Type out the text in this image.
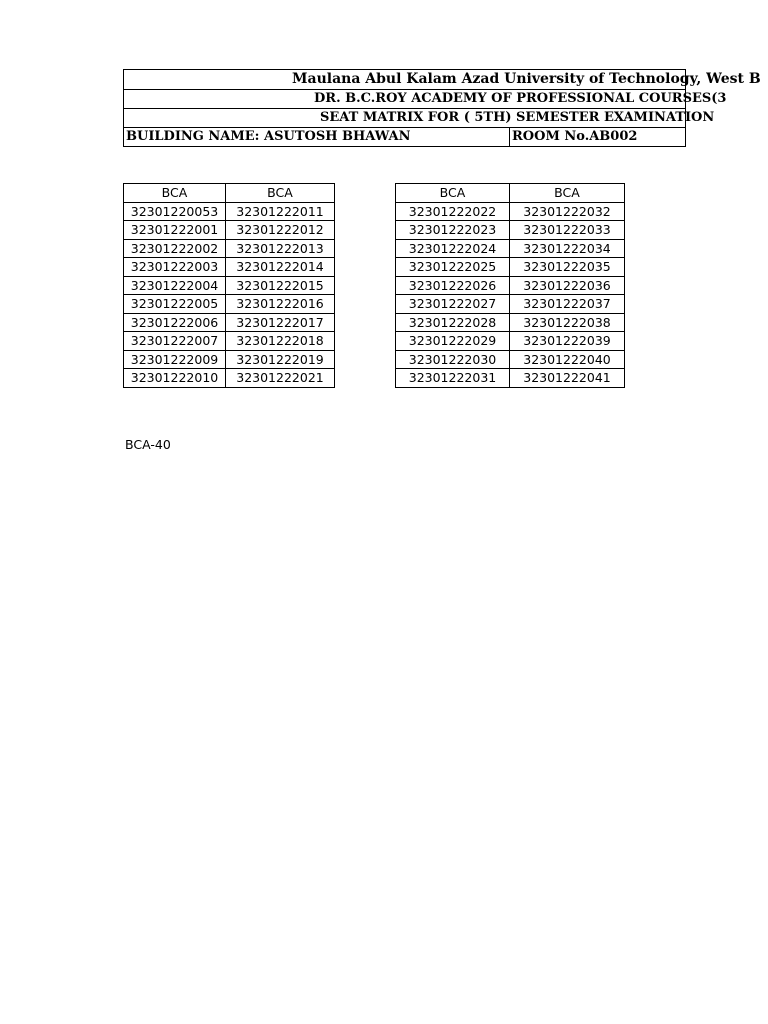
Maulana Abul Kalam Azad University of Technology, West B
DR. B.C.ROY ACADEMY OF PROFESSIONAL COURSES(3
SEAT MATRIX FOR ( 5TH) SEMESTER EXAMINATION
BUILDING NAME: ASUTOSH BHAWAN	ROOM No.AB002
BCA	BCA
32301220053	32301222011
32301222001	32301222012
32301222002	32301222013
32301222003	32301222014
32301222004	32301222015
32301222005	32301222016
32301222006	32301222017
32301222007	32301222018
32301222009	32301222019
32301222010	32301222021
BCA	BCA
32301222022	32301222032
32301222023	32301222033
32301222024	32301222034
32301222025	32301222035
32301222026	32301222036
32301222027	32301222037
32301222028	32301222038
32301222029	32301222039
32301222030	32301222040
32301222031	32301222041
BCA-40
